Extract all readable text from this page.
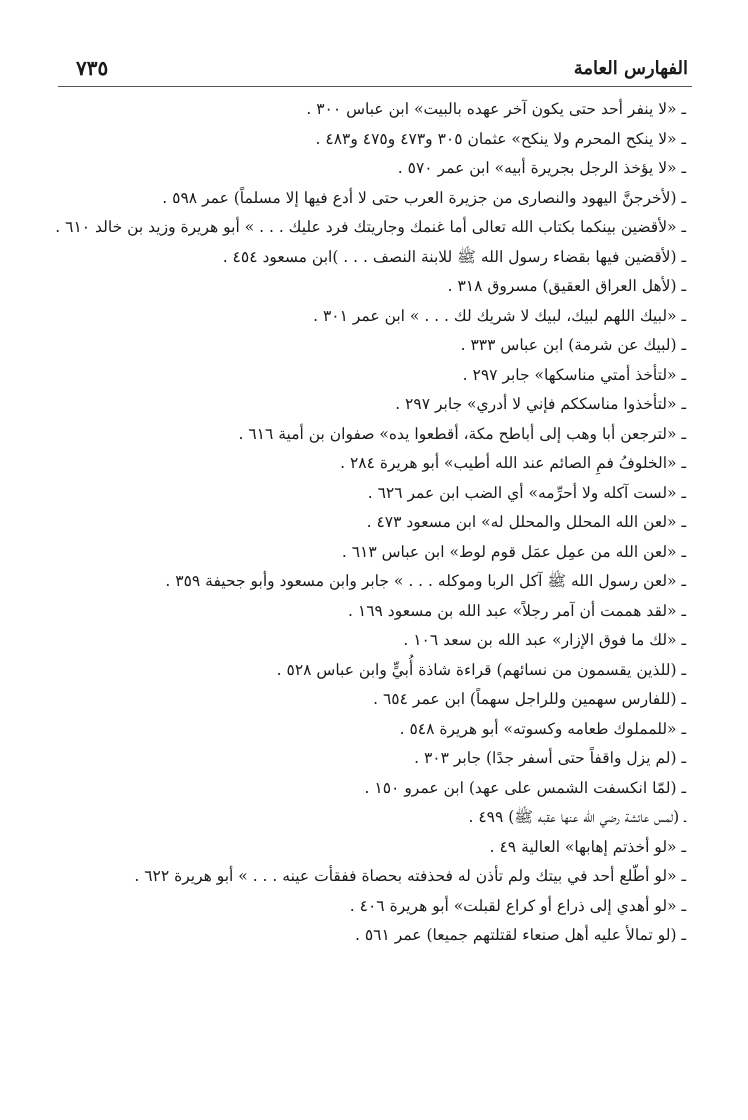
الفهارس العامة
٧٣٥
ـ «لا ينفر أحد حتى يكون آخر عهده بالبيت» ابن عباس ٣٠٠ .
ـ «لا ينكح المحرم ولا ينكح» عثمان ٣٠٥ و٤٧٣ و٤٧٥ و٤٨٣ .
ـ «لا يؤخذ الرجل بجريرة أبيه» ابن عمر ٥٧٠ .
ـ (لأخرجنَّ اليهود والنصارى من جزيرة العرب حتى لا أدع فيها إلا مسلماً) عمر ٥٩٨ .
ـ «لأقضين بينكما بكتاب الله تعالى أما غنمك وجاريتك فرد عليك . . . » أبو هريرة وزيد بن خالد ٦١٠ .
ـ (لأقضين فيها بقضاء رسول الله ﷺ للابنة النصف . . . )ابن مسعود ٤٥٤ .
ـ (لأهل العراق العقيق) مسروق ٣١٨ .
ـ «لبيك اللهم لبيك، لبيك لا شريك لك . . . » ابن عمر ٣٠١ .
ـ (لبيك عن شرمة) ابن عباس ٣٣٣ .
ـ «لتأخذ أمتي مناسكها» جابر ٢٩٧ .
ـ «لتأخذوا مناسككم فإني لا أدري» جابر ٢٩٧ .
ـ «لترجعن أبا وهب إلى أباطح مكة، أقطعوا يده» صفوان بن أمية ٦١٦ .
ـ «الخلوفُ فمِ الصائم عند الله أطيب» أبو هريرة ٢٨٤ .
ـ «لست آكله ولا أحرِّمه» أي الضب ابن عمر ٦٢٦ .
ـ «لعن الله المحلل والمحلل له» ابن مسعود ٤٧٣ .
ـ «لعن الله من عمِل عمَل قوم لوط» ابن عباس ٦١٣ .
ـ «لعن رسول الله ﷺ آكل الربا وموكله . . . » جابر وابن مسعود وأبو جحيفة ٣٥٩ .
ـ «لقد هممت أن آمر رجلاً» عبد الله بن مسعود ١٦٩ .
ـ «لك ما فوق الإزار» عبد الله بن سعد ١٠٦ .
ـ (للذين يقسمون من نسائهم) قراءة شاذة أُبيٍّ وابن عباس ٥٢٨ .
ـ (للفارس سهمين وللراجل سهماً) ابن عمر ٦٥٤ .
ـ «للمملوك طعامه وكسوته» أبو هريرة ٥٤٨ .
ـ (لم يزل واقفاً حتى أسفر جدًا) جابر ٣٠٣ .
ـ (لمّا انكسفت الشمس على عهد) ابن عمرو ١٥٠ .
ـ (لمس عائشة رضي الله عنها عقبه ﷺ) ٤٩٩ .
ـ «لو أخذتم إهابها» العالية ٤٩ .
ـ «لو أطّلع أحد في بيتك ولم تأذن له فحذفته بحصاة ففقأت عينه . . . » أبو هريرة ٦٢٢ .
ـ «لو أهدي إلى ذراع أو كراع لقبلت» أبو هريرة ٤٠٦ .
ـ (لو تمالأ عليه أهل صنعاء لقتلتهم جميعا) عمر ٥٦١ .
